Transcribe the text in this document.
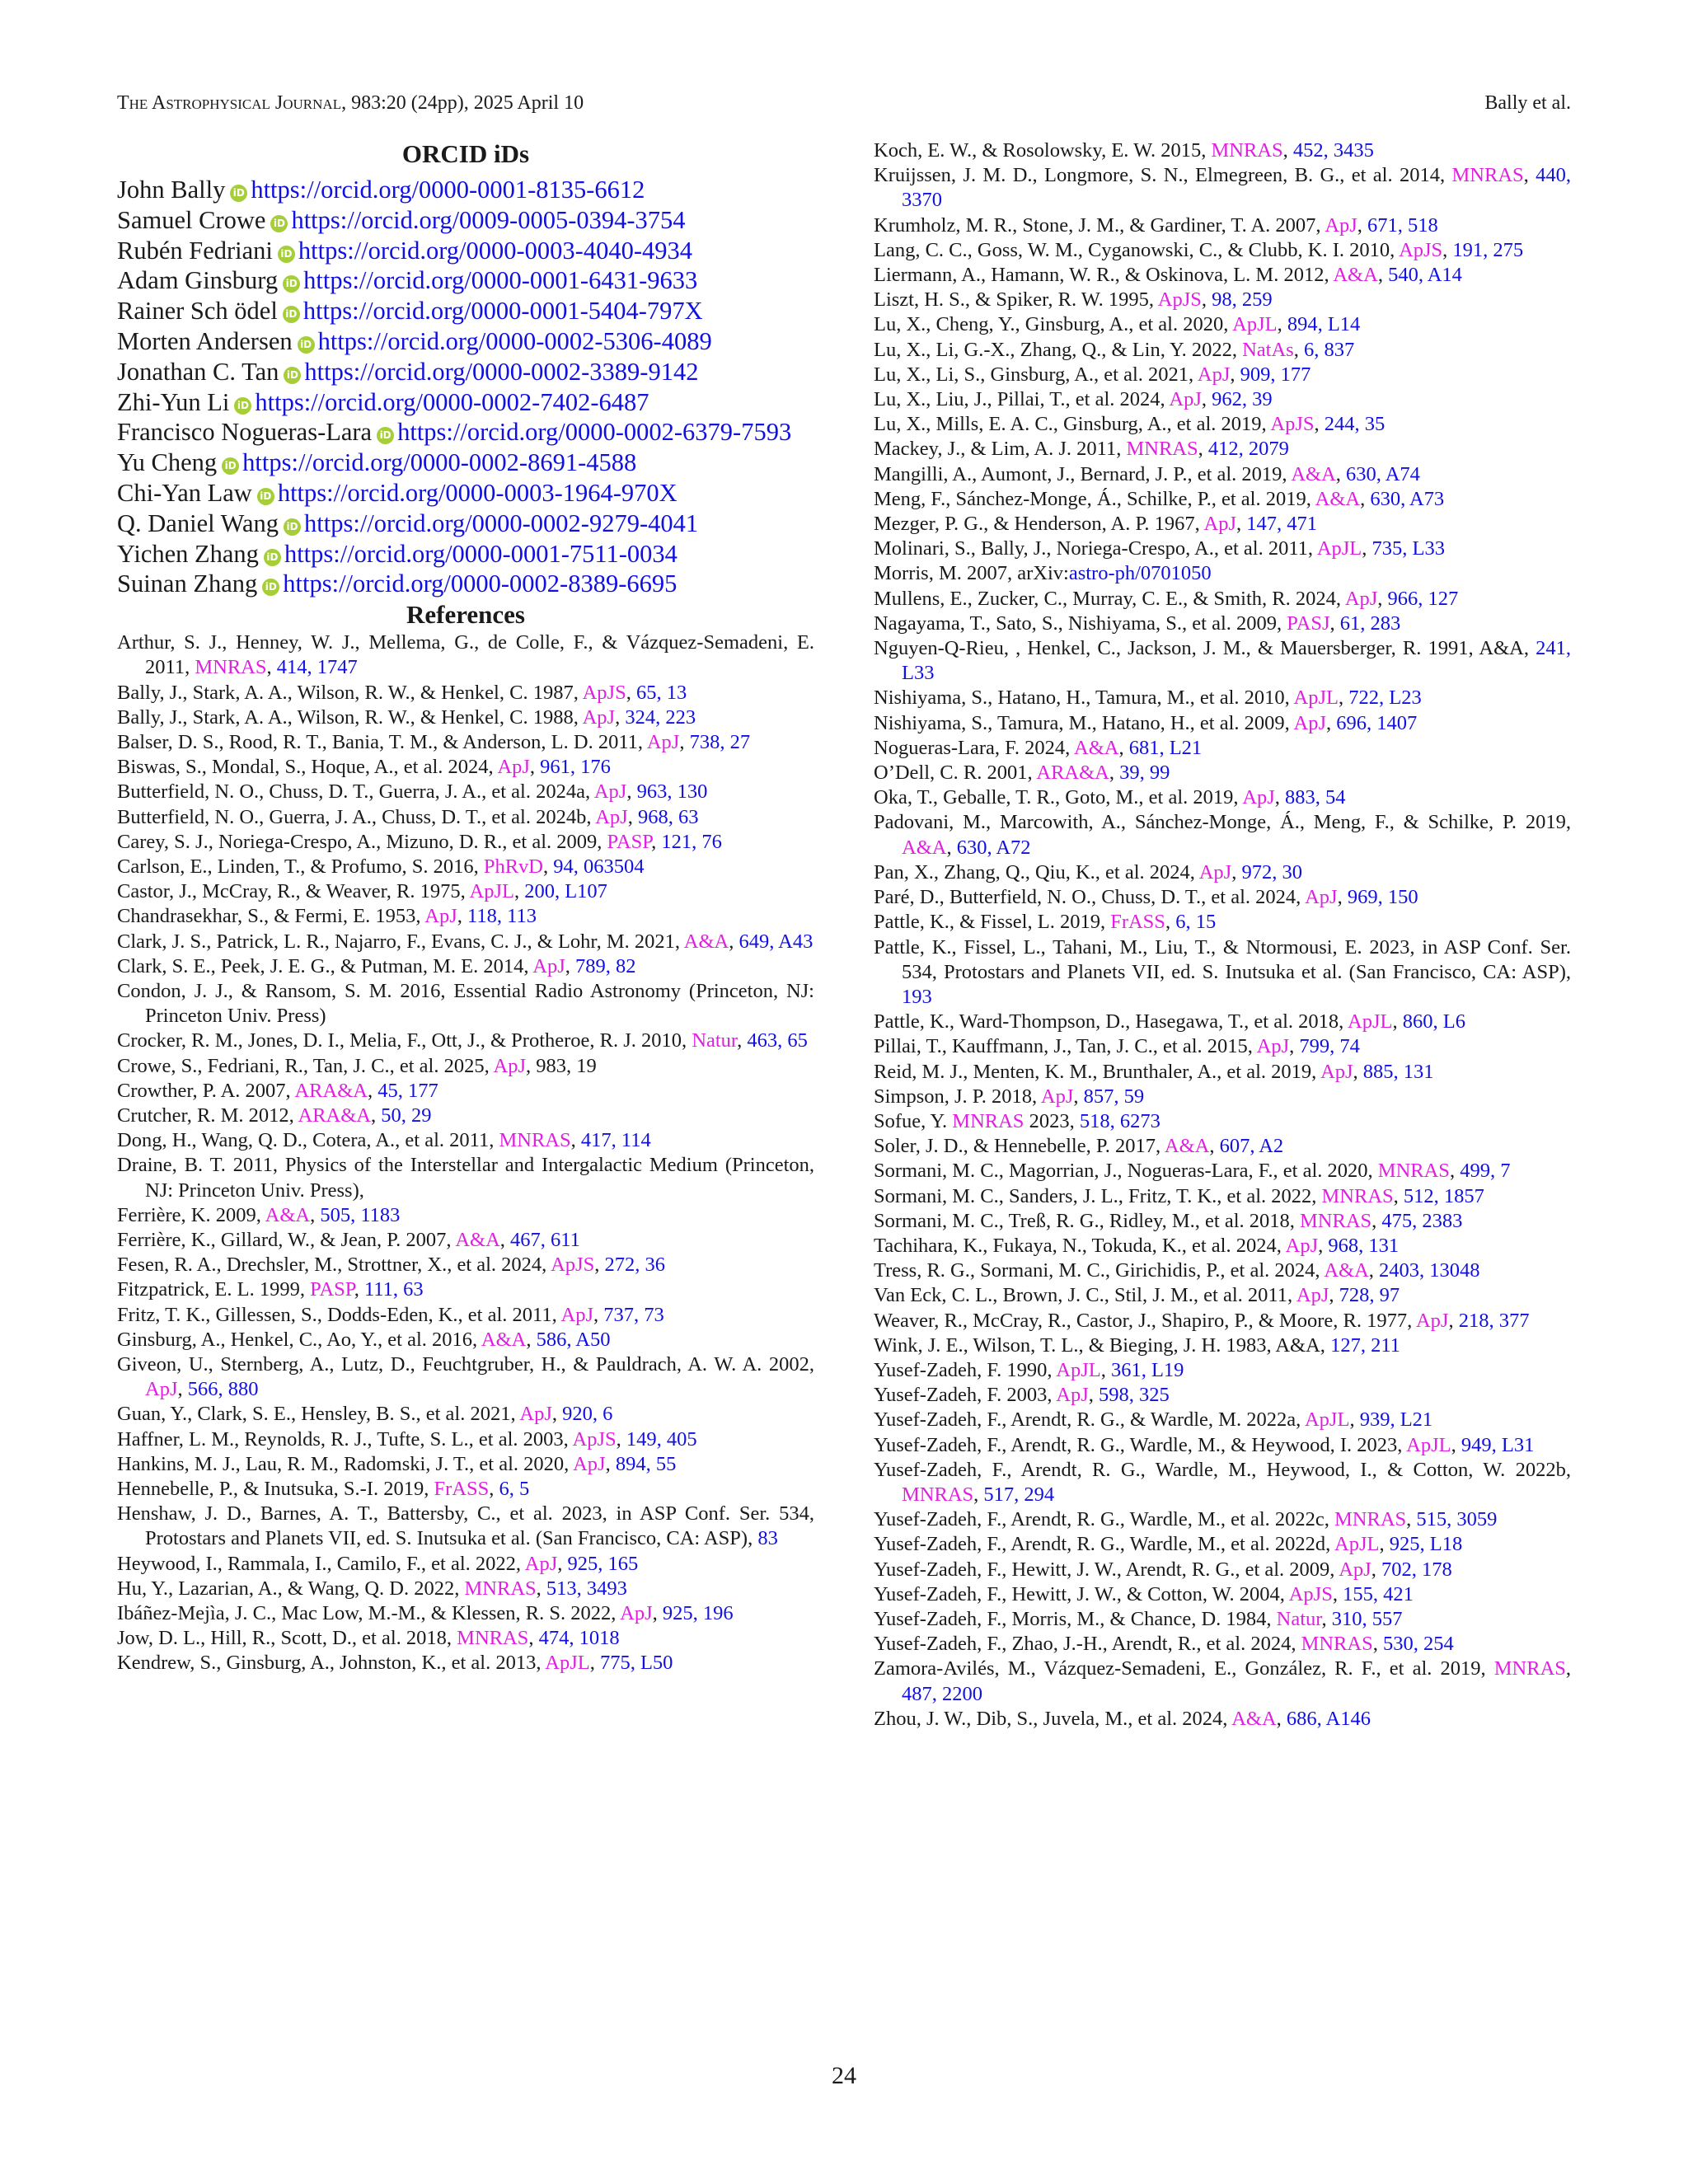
The Astrophysical Journal, 983:20 (24pp), 2025 April 10	Bally et al.
ORCID iDs
John Bally iD https://orcid.org/0000-0001-8135-6612
Samuel Crowe iD https://orcid.org/0009-0005-0394-3754
Rubén Fedriani iD https://orcid.org/0000-0003-4040-4934
Adam Ginsburg iD https://orcid.org/0000-0001-6431-9633
Rainer Sch ödel iD https://orcid.org/0000-0001-5404-797X
Morten Andersen iD https://orcid.org/0000-0002-5306-4089
Jonathan C. Tan iD https://orcid.org/0000-0002-3389-9142
Zhi-Yun Li iD https://orcid.org/0000-0002-7402-6487
Francisco Nogueras-Lara iD https://orcid.org/0000-0002-6379-7593
Yu Cheng iD https://orcid.org/0000-0002-8691-4588
Chi-Yan Law iD https://orcid.org/0000-0003-1964-970X
Q. Daniel Wang iD https://orcid.org/0000-0002-9279-4041
Yichen Zhang iD https://orcid.org/0000-0001-7511-0034
Suinan Zhang iD https://orcid.org/0000-0002-8389-6695
References
Arthur, S. J., Henney, W. J., Mellema, G., de Colle, F., & Vázquez-Semadeni, E. 2011, MNRAS, 414, 1747
Bally, J., Stark, A. A., Wilson, R. W., & Henkel, C. 1987, ApJS, 65, 13
Bally, J., Stark, A. A., Wilson, R. W., & Henkel, C. 1988, ApJ, 324, 223
Balser, D. S., Rood, R. T., Bania, T. M., & Anderson, L. D. 2011, ApJ, 738, 27
Biswas, S., Mondal, S., Hoque, A., et al. 2024, ApJ, 961, 176
Butterfield, N. O., Chuss, D. T., Guerra, J. A., et al. 2024a, ApJ, 963, 130
Butterfield, N. O., Guerra, J. A., Chuss, D. T., et al. 2024b, ApJ, 968, 63
Carey, S. J., Noriega-Crespo, A., Mizuno, D. R., et al. 2009, PASP, 121, 76
Carlson, E., Linden, T., & Profumo, S. 2016, PhRvD, 94, 063504
Castor, J., McCray, R., & Weaver, R. 1975, ApJL, 200, L107
Chandrasekhar, S., & Fermi, E. 1953, ApJ, 118, 113
Clark, J. S., Patrick, L. R., Najarro, F., Evans, C. J., & Lohr, M. 2021, A&A, 649, A43
Clark, S. E., Peek, J. E. G., & Putman, M. E. 2014, ApJ, 789, 82
Condon, J. J., & Ransom, S. M. 2016, Essential Radio Astronomy (Princeton, NJ: Princeton Univ. Press)
Crocker, R. M., Jones, D. I., Melia, F., Ott, J., & Protheroe, R. J. 2010, Natur, 463, 65
Crowe, S., Fedriani, R., Tan, J. C., et al. 2025, ApJ, 983, 19
Crowther, P. A. 2007, ARA&A, 45, 177
Crutcher, R. M. 2012, ARA&A, 50, 29
Dong, H., Wang, Q. D., Cotera, A., et al. 2011, MNRAS, 417, 114
Draine, B. T. 2011, Physics of the Interstellar and Intergalactic Medium (Princeton, NJ: Princeton Univ. Press),
Ferrière, K. 2009, A&A, 505, 1183
Ferrière, K., Gillard, W., & Jean, P. 2007, A&A, 467, 611
Fesen, R. A., Drechsler, M., Strottner, X., et al. 2024, ApJS, 272, 36
Fitzpatrick, E. L. 1999, PASP, 111, 63
Fritz, T. K., Gillessen, S., Dodds-Eden, K., et al. 2011, ApJ, 737, 73
Ginsburg, A., Henkel, C., Ao, Y., et al. 2016, A&A, 586, A50
Giveon, U., Sternberg, A., Lutz, D., Feuchtgruber, H., & Pauldrach, A. W. A. 2002, ApJ, 566, 880
Guan, Y., Clark, S. E., Hensley, B. S., et al. 2021, ApJ, 920, 6
Haffner, L. M., Reynolds, R. J., Tufte, S. L., et al. 2003, ApJS, 149, 405
Hankins, M. J., Lau, R. M., Radomski, J. T., et al. 2020, ApJ, 894, 55
Hennebelle, P., & Inutsuka, S.-I. 2019, FrASS, 6, 5
Henshaw, J. D., Barnes, A. T., Battersby, C., et al. 2023, in ASP Conf. Ser. 534, Protostars and Planets VII, ed. S. Inutsuka et al. (San Francisco, CA: ASP), 83
Heywood, I., Rammala, I., Camilo, F., et al. 2022, ApJ, 925, 165
Hu, Y., Lazarian, A., & Wang, Q. D. 2022, MNRAS, 513, 3493
Ibáñez-Mejìa, J. C., Mac Low, M.-M., & Klessen, R. S. 2022, ApJ, 925, 196
Jow, D. L., Hill, R., Scott, D., et al. 2018, MNRAS, 474, 1018
Kendrew, S., Ginsburg, A., Johnston, K., et al. 2013, ApJL, 775, L50
Koch, E. W., & Rosolowsky, E. W. 2015, MNRAS, 452, 3435
Kruijssen, J. M. D., Longmore, S. N., Elmegreen, B. G., et al. 2014, MNRAS, 440, 3370
Krumholz, M. R., Stone, J. M., & Gardiner, T. A. 2007, ApJ, 671, 518
Lang, C. C., Goss, W. M., Cyganowski, C., & Clubb, K. I. 2010, ApJS, 191, 275
Liermann, A., Hamann, W. R., & Oskinova, L. M. 2012, A&A, 540, A14
Liszt, H. S., & Spiker, R. W. 1995, ApJS, 98, 259
Lu, X., Cheng, Y., Ginsburg, A., et al. 2020, ApJL, 894, L14
Lu, X., Li, G.-X., Zhang, Q., & Lin, Y. 2022, NatAs, 6, 837
Lu, X., Li, S., Ginsburg, A., et al. 2021, ApJ, 909, 177
Lu, X., Liu, J., Pillai, T., et al. 2024, ApJ, 962, 39
Lu, X., Mills, E. A. C., Ginsburg, A., et al. 2019, ApJS, 244, 35
Mackey, J., & Lim, A. J. 2011, MNRAS, 412, 2079
Mangilli, A., Aumont, J., Bernard, J. P., et al. 2019, A&A, 630, A74
Meng, F., Sánchez-Monge, Á., Schilke, P., et al. 2019, A&A, 630, A73
Mezger, P. G., & Henderson, A. P. 1967, ApJ, 147, 471
Molinari, S., Bally, J., Noriega-Crespo, A., et al. 2011, ApJL, 735, L33
Morris, M. 2007, arXiv:astro-ph/0701050
Mullens, E., Zucker, C., Murray, C. E., & Smith, R. 2024, ApJ, 966, 127
Nagayama, T., Sato, S., Nishiyama, S., et al. 2009, PASJ, 61, 283
Nguyen-Q-Rieu, , Henkel, C., Jackson, J. M., & Mauersberger, R. 1991, A&A, 241, L33
Nishiyama, S., Hatano, H., Tamura, M., et al. 2010, ApJL, 722, L23
Nishiyama, S., Tamura, M., Hatano, H., et al. 2009, ApJ, 696, 1407
Nogueras-Lara, F. 2024, A&A, 681, L21
O’Dell, C. R. 2001, ARA&A, 39, 99
Oka, T., Geballe, T. R., Goto, M., et al. 2019, ApJ, 883, 54
Padovani, M., Marcowith, A., Sánchez-Monge, Á., Meng, F., & Schilke, P. 2019, A&A, 630, A72
Pan, X., Zhang, Q., Qiu, K., et al. 2024, ApJ, 972, 30
Paré, D., Butterfield, N. O., Chuss, D. T., et al. 2024, ApJ, 969, 150
Pattle, K., & Fissel, L. 2019, FrASS, 6, 15
Pattle, K., Fissel, L., Tahani, M., Liu, T., & Ntormousi, E. 2023, in ASP Conf. Ser. 534, Protostars and Planets VII, ed. S. Inutsuka et al. (San Francisco, CA: ASP), 193
Pattle, K., Ward-Thompson, D., Hasegawa, T., et al. 2018, ApJL, 860, L6
Pillai, T., Kauffmann, J., Tan, J. C., et al. 2015, ApJ, 799, 74
Reid, M. J., Menten, K. M., Brunthaler, A., et al. 2019, ApJ, 885, 131
Simpson, J. P. 2018, ApJ, 857, 59
Sofue, Y. MNRAS 2023, 518, 6273
Soler, J. D., & Hennebelle, P. 2017, A&A, 607, A2
Sormani, M. C., Magorrian, J., Nogueras-Lara, F., et al. 2020, MNRAS, 499, 7
Sormani, M. C., Sanders, J. L., Fritz, T. K., et al. 2022, MNRAS, 512, 1857
Sormani, M. C., Treß, R. G., Ridley, M., et al. 2018, MNRAS, 475, 2383
Tachihara, K., Fukaya, N., Tokuda, K., et al. 2024, ApJ, 968, 131
Tress, R. G., Sormani, M. C., Girichidis, P., et al. 2024, A&A, 2403, 13048
Van Eck, C. L., Brown, J. C., Stil, J. M., et al. 2011, ApJ, 728, 97
Weaver, R., McCray, R., Castor, J., Shapiro, P., & Moore, R. 1977, ApJ, 218, 377
Wink, J. E., Wilson, T. L., & Bieging, J. H. 1983, A&A, 127, 211
Yusef-Zadeh, F. 1990, ApJL, 361, L19
Yusef-Zadeh, F. 2003, ApJ, 598, 325
Yusef-Zadeh, F., Arendt, R. G., & Wardle, M. 2022a, ApJL, 939, L21
Yusef-Zadeh, F., Arendt, R. G., Wardle, M., & Heywood, I. 2023, ApJL, 949, L31
Yusef-Zadeh, F., Arendt, R. G., Wardle, M., Heywood, I., & Cotton, W. 2022b, MNRAS, 517, 294
Yusef-Zadeh, F., Arendt, R. G., Wardle, M., et al. 2022c, MNRAS, 515, 3059
Yusef-Zadeh, F., Arendt, R. G., Wardle, M., et al. 2022d, ApJL, 925, L18
Yusef-Zadeh, F., Hewitt, J. W., Arendt, R. G., et al. 2009, ApJ, 702, 178
Yusef-Zadeh, F., Hewitt, J. W., & Cotton, W. 2004, ApJS, 155, 421
Yusef-Zadeh, F., Morris, M., & Chance, D. 1984, Natur, 310, 557
Yusef-Zadeh, F., Zhao, J.-H., Arendt, R., et al. 2024, MNRAS, 530, 254
Zamora-Avilés, M., Vázquez-Semadeni, E., González, R. F., et al. 2019, MNRAS, 487, 2200
Zhou, J. W., Dib, S., Juvela, M., et al. 2024, A&A, 686, A146
24
